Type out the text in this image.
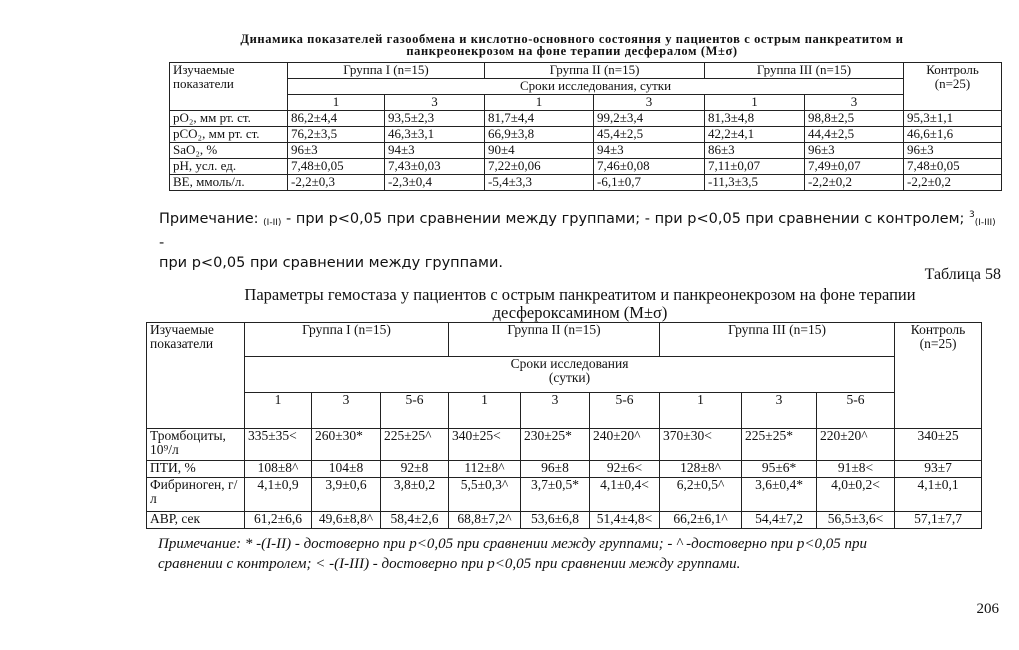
Динамика показателей газообмена и кислотно-основного состояния у пациентов с острым панкреатитом и
панкреонекрозом на фоне терапии десфералом (M±σ)
Изучаемые показатели	Группа I (n=15)		Группа II (n=15)		Группа III (n=15)		Контроль (n=25)
	Сроки исследования, сутки						
	1	3	1	3	1	3	
pO₂, мм рт. ст.	86,2±4,4	93,5±2,3	81,7±4,4	99,2±3,4	81,3±4,8	98,8±2,5	95,3±1,1
pCO₂, мм рт. ст.	76,2±3,5	46,3±3,1	66,9±3,8	45,4±2,5	42,2±4,1	44,4±2,5	46,6±1,6
SaO₂, %	96±3	94±3	90±4	94±3	86±3	96±3	96±3
pH, усл. ед.	7,48±0,05	7,43±0,03	7,22±0,06	7,46±0,08	7,11±0,07	7,49±0,07	7,48±0,05
BE, ммоль/л.	-2,2±0,3	-2,3±0,4	-5,4±3,3	-6,1±0,7	-11,3±3,5	-2,2±0,2	-2,2±0,2
Примечание: $_{(I-II)}$ - при p<0,05 при сравнении между группами; - при p<0,05 при сравнении с контролем; $^3_{(I-III)}$ -
при p<0,05 при сравнении между группами.
Таблица 58
Параметры гемостаза у пациентов с острым панкреатитом и панкреонекрозом на фоне терапии
десфероксамином (M±σ)
Изучаемые показатели	Группа I (n=15)			Группа II (n=15)			Группа III (n=15)			Контроль (n=25)

	Сроки исследования
(сутки)									

	1	3	5-6	1	3	5-6	1	3	5-6	
Тромбоциты, 10⁹/л	335±35<	260±30*	225±25^	340±25<	230±25*	240±20^	370±30<	225±25*	220±20^	340±25
ПТИ, %	108±8^	104±8	92±8	112±8^	96±8	92±6<	128±8^	95±6*	91±8<	93±7
Фибриноген, г/л	4,1±0,9	3,9±0,6	3,8±0,2	5,5±0,3^	3,7±0,5*	4,1±0,4<	6,2±0,5^	3,6±0,4*	4,0±0,2<	4,1±0,1
АВР, сек	61,2±6,6	49,6±8,8^	58,4±2,6	68,8±7,2^	53,6±6,8	51,4±4,8<	66,2±6,1^	54,4±7,2	56,5±3,6<	57,1±7,7
Примечание: * -(I-II) - достоверно при p<0,05 при сравнении между группами; - ^ -достоверно при p<0,05 при
сравнении с контролем; < -(I-III) - достоверно при p<0,05 при сравнении между группами.
206
